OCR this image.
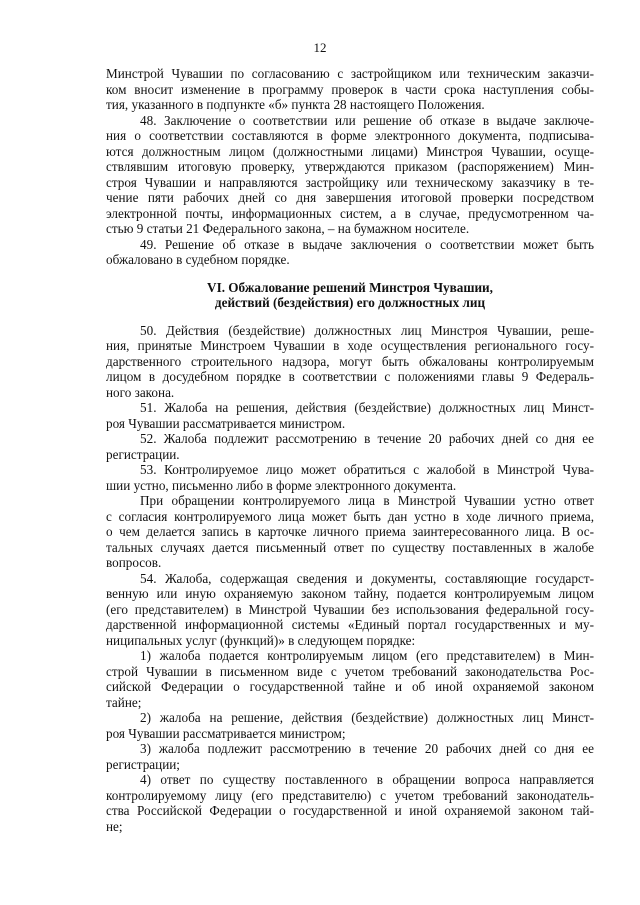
12
Минстрой Чувашии по согласованию с застройщиком или техническим заказчи-
ком вносит изменение в программу проверок в части срока наступления собы-
тия, указанного в подпункте «б» пункта 28 настоящего Положения.
48. Заключение о соответствии или решение об отказе в выдаче заключе-
ния о соответствии составляются в форме электронного документа, подписыва-
ются должностным лицом (должностными лицами) Минстроя Чувашии, осуще-
ствлявшим итоговую проверку, утверждаются приказом (распоряжением) Мин-
строя Чувашии и направляются застройщику или техническому заказчику в те-
чение пяти рабочих дней со дня завершения итоговой проверки посредством
электронной почты, информационных систем, а в случае, предусмотренном ча-
стью 9 статьи 21 Федерального закона, – на бумажном носителе.
49. Решение об отказе в выдаче заключения о соответствии может быть
обжаловано в судебном порядке.
VI. Обжалование решений Минстроя Чувашии,
действий (бездействия) его должностных лиц
50. Действия (бездействие) должностных лиц Минстроя Чувашии, реше-
ния, принятые Минстроем Чувашии в ходе осуществления регионального госу-
дарственного строительного надзора, могут быть обжалованы контролируемым
лицом в досудебном порядке в соответствии с положениями главы 9 Федераль-
ного закона.
51. Жалоба на решения, действия (бездействие) должностных лиц Минст-
роя Чувашии рассматривается министром.
52. Жалоба подлежит рассмотрению в течение 20 рабочих дней со дня ее
регистрации.
53. Контролируемое лицо может обратиться с жалобой в Минстрой Чува-
шии устно, письменно либо в форме электронного документа.
При обращении контролируемого лица в Минстрой Чувашии устно ответ
с согласия контролируемого лица может быть дан устно в ходе личного приема,
о чем делается запись в карточке личного приема заинтересованного лица. В ос-
тальных случаях дается письменный ответ по существу поставленных в жалобе
вопросов.
54. Жалоба, содержащая сведения и документы, составляющие государст-
венную или иную охраняемую законом тайну, подается контролируемым лицом
(его представителем) в Минстрой Чувашии без использования федеральной госу-
дарственной информационной системы «Единый портал государственных и му-
ниципальных услуг (функций)» в следующем порядке:
1) жалоба подается контролируемым лицом (его представителем) в Мин-
строй Чувашии в письменном виде с учетом требований законодательства Рос-
сийской Федерации о государственной тайне и об иной охраняемой законом
тайне;
2) жалоба на решение, действия (бездействие) должностных лиц Минст-
роя Чувашии рассматривается министром;
3) жалоба подлежит рассмотрению в течение 20 рабочих дней со дня ее
регистрации;
4) ответ по существу поставленного в обращении вопроса направляется
контролируемому лицу (его представителю) с учетом требований законодатель-
ства Российской Федерации о государственной и иной охраняемой законом тай-
не;
